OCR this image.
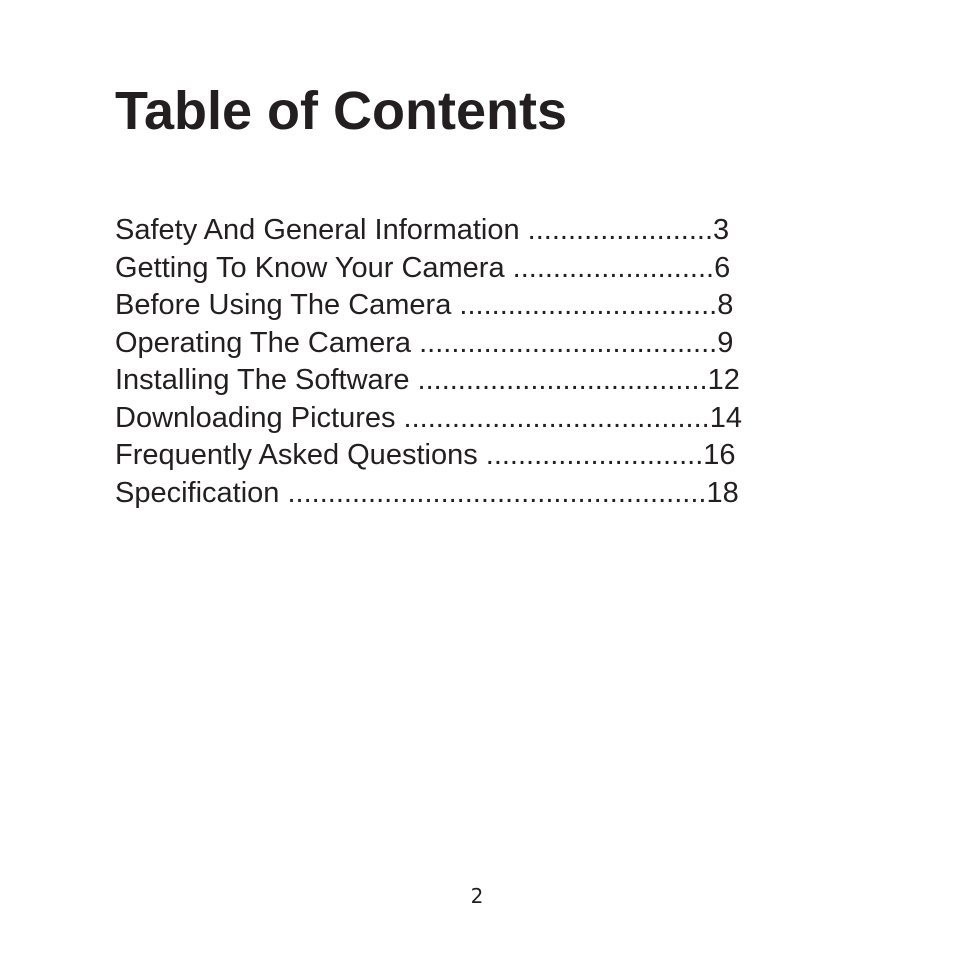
Table of Contents
Safety And General Information .......................3
Getting To Know Your Camera .........................6
Before Using The Camera ................................8
Operating The Camera .....................................9
Installing The Software ....................................12
Downloading Pictures ......................................14
Frequently Asked Questions ...........................16
Specification ....................................................18
2
